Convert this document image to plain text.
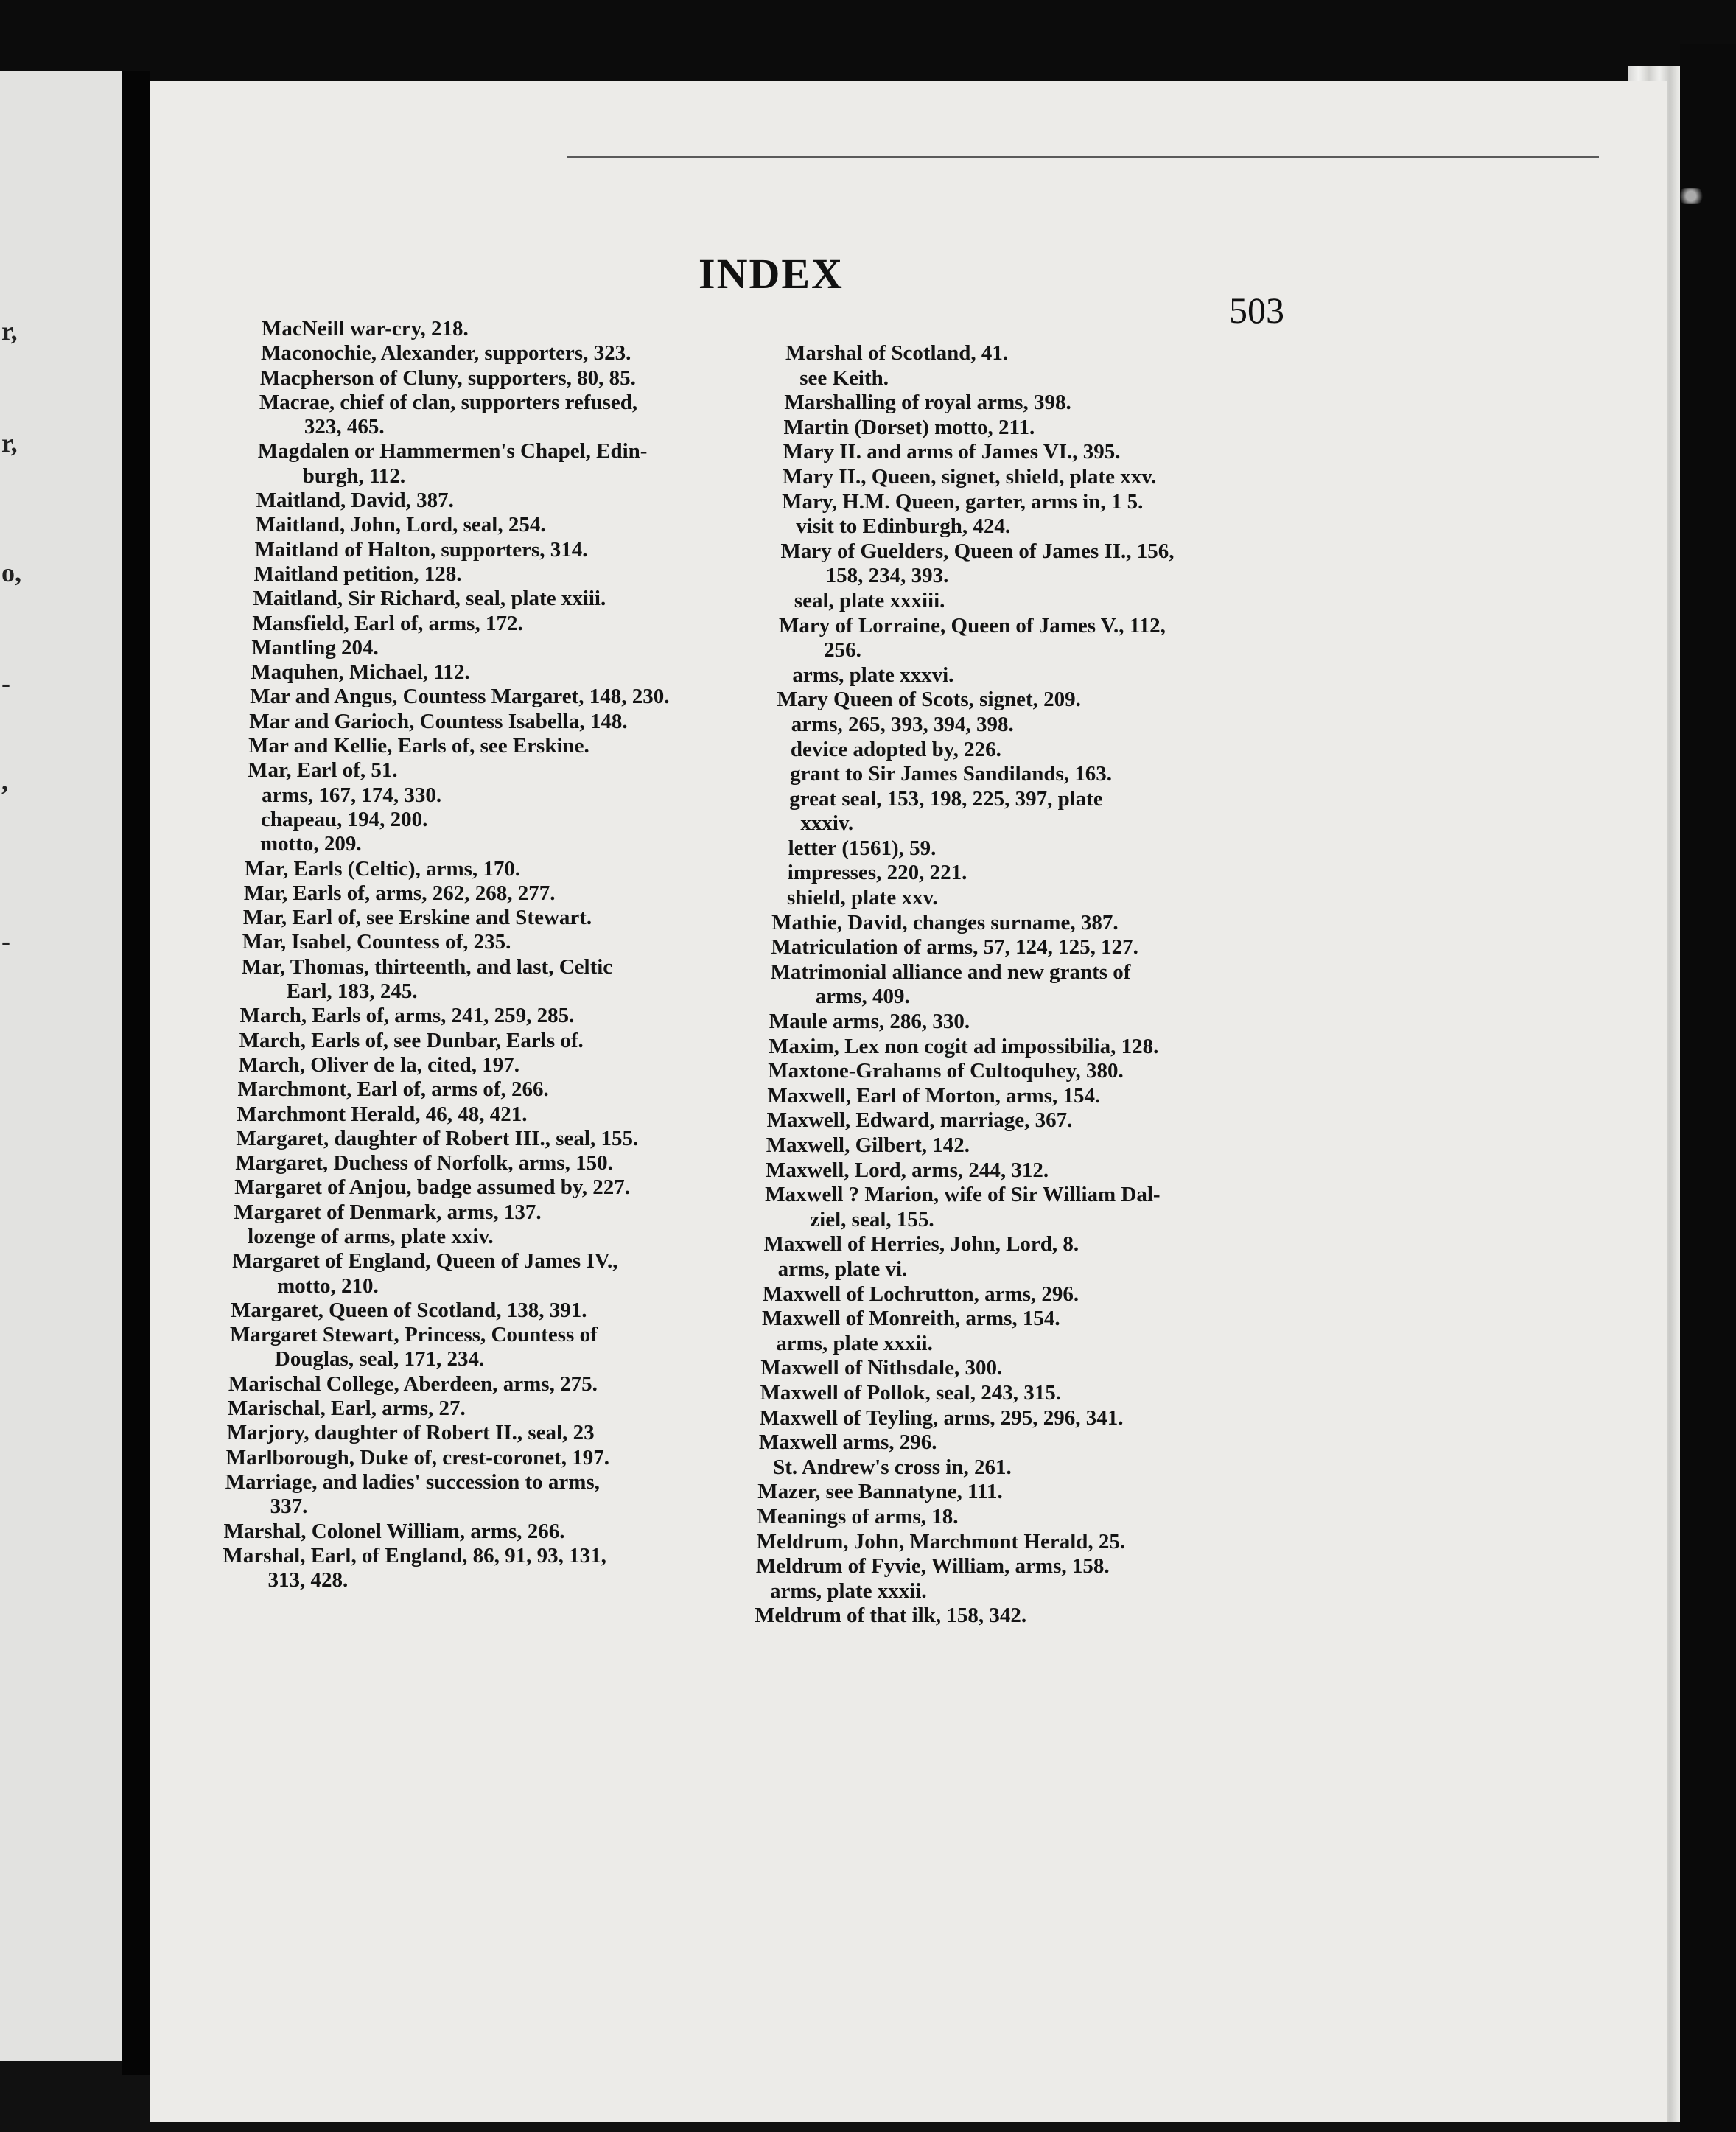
r,
r,
o,
-
,
-
INDEX
503
MacNeill war-cry, 218.
Maconochie, Alexander, supporters, 323.
Macpherson of Cluny, supporters, 80, 85.
Macrae, chief of clan, supporters refused,
323, 465.
Magdalen or Hammermen's Chapel, Edin-
burgh, 112.
Maitland, David, 387.
Maitland, John, Lord, seal, 254.
Maitland of Halton, supporters, 314.
Maitland petition, 128.
Maitland, Sir Richard, seal, plate xxiii.
Mansfield, Earl of, arms, 172.
Mantling 204.
Maquhen, Michael, 112.
Mar and Angus, Countess Margaret, 148, 230.
Mar and Garioch, Countess Isabella, 148.
Mar and Kellie, Earls of, see Erskine.
Mar, Earl of, 51.
arms, 167, 174, 330.
chapeau, 194, 200.
motto, 209.
Mar, Earls (Celtic), arms, 170.
Mar, Earls of, arms, 262, 268, 277.
Mar, Earl of, see Erskine and Stewart.
Mar, Isabel, Countess of, 235.
Mar, Thomas, thirteenth, and last, Celtic
Earl, 183, 245.
March, Earls of, arms, 241, 259, 285.
March, Earls of, see Dunbar, Earls of.
March, Oliver de la, cited, 197.
Marchmont, Earl of, arms of, 266.
Marchmont Herald, 46, 48, 421.
Margaret, daughter of Robert III., seal, 155.
Margaret, Duchess of Norfolk, arms, 150.
Margaret of Anjou, badge assumed by, 227.
Margaret of Denmark, arms, 137.
lozenge of arms, plate xxiv.
Margaret of England, Queen of James IV.,
motto, 210.
Margaret, Queen of Scotland, 138, 391.
Margaret Stewart, Princess, Countess of
Douglas, seal, 171, 234.
Marischal College, Aberdeen, arms, 275.
Marischal, Earl, arms, 27.
Marjory, daughter of Robert II., seal, 23
Marlborough, Duke of, crest-coronet, 197.
Marriage, and ladies' succession to arms,
337.
Marshal, Colonel William, arms, 266.
Marshal, Earl, of England, 86, 91, 93, 131,
313, 428.
Marshal of Scotland, 41.
see Keith.
Marshalling of royal arms, 398.
Martin (Dorset) motto, 211.
Mary II. and arms of James VI., 395.
Mary II., Queen, signet, shield, plate xxv.
Mary, H.M. Queen, garter, arms in, 1 5.
visit to Edinburgh, 424.
Mary of Guelders, Queen of James II., 156,
158, 234, 393.
seal, plate xxxiii.
Mary of Lorraine, Queen of James V., 112,
256.
arms, plate xxxvi.
Mary Queen of Scots, signet, 209.
arms, 265, 393, 394, 398.
device adopted by, 226.
grant to Sir James Sandilands, 163.
great seal, 153, 198, 225, 397, plate
xxxiv.
letter (1561), 59.
impresses, 220, 221.
shield, plate xxv.
Mathie, David, changes surname, 387.
Matriculation of arms, 57, 124, 125, 127.
Matrimonial alliance and new grants of
arms, 409.
Maule arms, 286, 330.
Maxim, Lex non cogit ad impossibilia, 128.
Maxtone-Grahams of Cultoquhey, 380.
Maxwell, Earl of Morton, arms, 154.
Maxwell, Edward, marriage, 367.
Maxwell, Gilbert, 142.
Maxwell, Lord, arms, 244, 312.
Maxwell ? Marion, wife of Sir William Dal-
ziel, seal, 155.
Maxwell of Herries, John, Lord, 8.
arms, plate vi.
Maxwell of Lochrutton, arms, 296.
Maxwell of Monreith, arms, 154.
arms, plate xxxii.
Maxwell of Nithsdale, 300.
Maxwell of Pollok, seal, 243, 315.
Maxwell of Teyling, arms, 295, 296, 341.
Maxwell arms, 296.
St. Andrew's cross in, 261.
Mazer, see Bannatyne, 111.
Meanings of arms, 18.
Meldrum, John, Marchmont Herald, 25.
Meldrum of Fyvie, William, arms, 158.
arms, plate xxxii.
Meldrum of that ilk, 158, 342.
